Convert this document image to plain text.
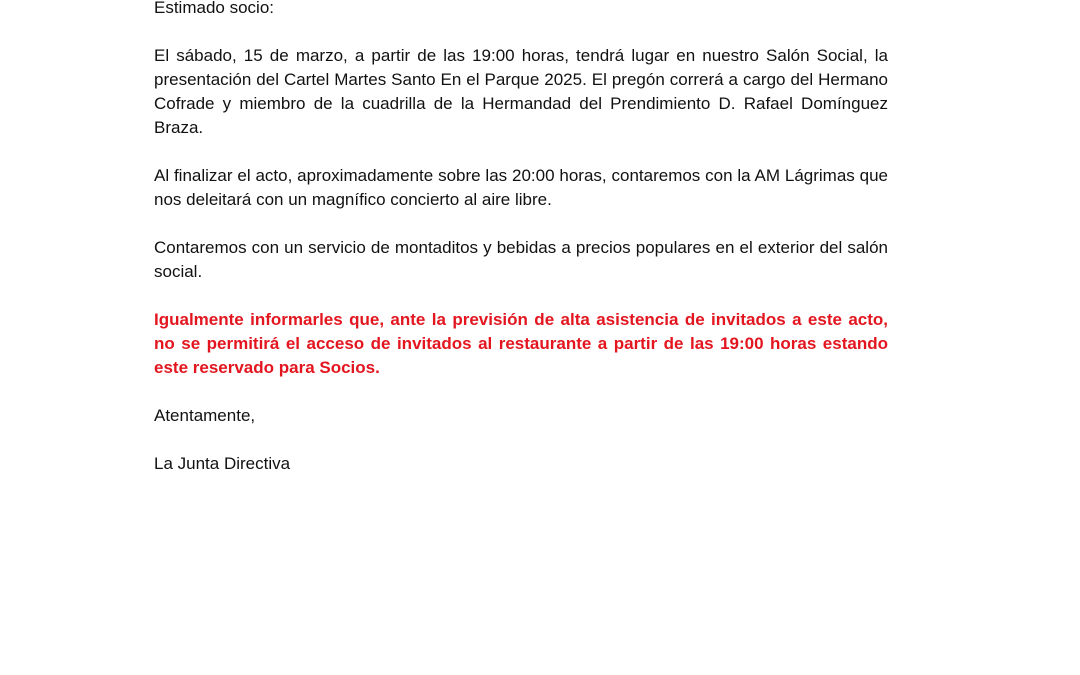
Estimado socio:

El sábado, 15 de marzo, a partir de las 19:00 horas, tendrá lugar en nuestro Salón Social, la presentación del Cartel Martes Santo En el Parque 2025. El pregón correrá a cargo del Hermano Cofrade y miembro de la cuadrilla de la Hermandad del Prendimiento D. Rafael Domínguez Braza.

Al finalizar el acto, aproximadamente sobre las 20:00 horas, contaremos con la AM Lágrimas que nos deleitará con un magnífico concierto al aire libre.

Contaremos con un servicio de montaditos y bebidas a precios populares en el exterior del salón social.

Igualmente informarles que, ante la previsión de alta asistencia de invitados a este acto, no se permitirá el acceso de invitados al restaurante a partir de las 19:00 horas estando este reservado para Socios.

Atentamente,

La Junta Directiva
